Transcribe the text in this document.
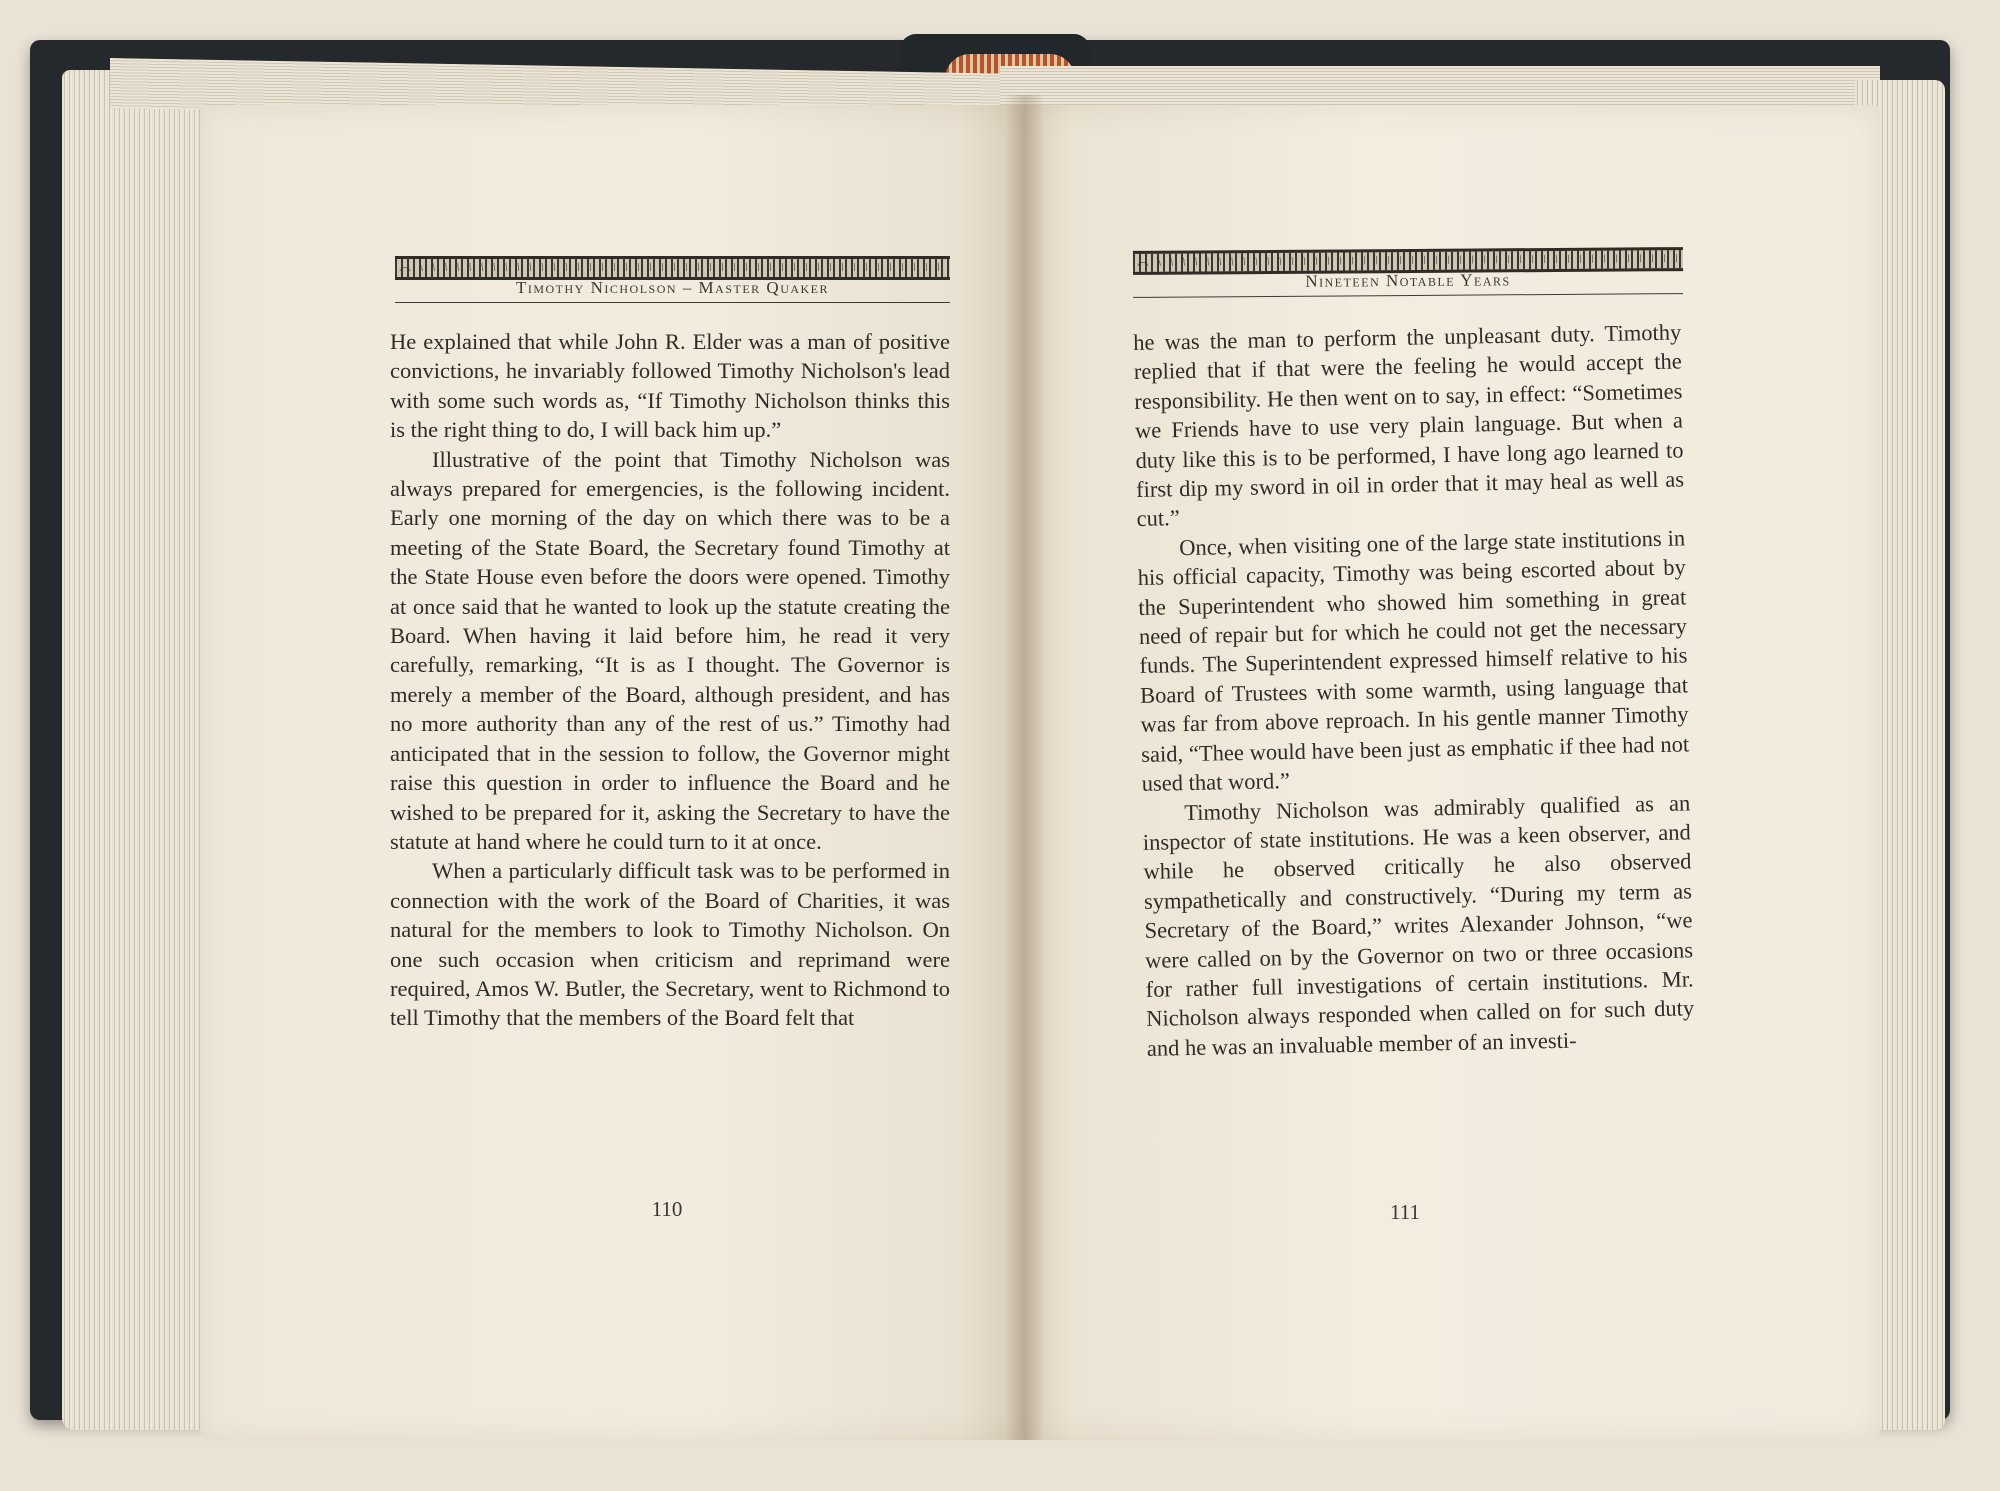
Timothy Nicholson – Master Quaker

He explained that while John R. Elder was a man of positive convictions, he invariably followed Timothy Nicholson's lead with some such words as, “If Timothy Nicholson thinks this is the right thing to do, I will back him up.”

Illustrative of the point that Timothy Nicholson was always prepared for emergencies, is the following incident. Early one morning of the day on which there was to be a meeting of the State Board, the Secretary found Timothy at the State House even before the doors were opened. Timothy at once said that he wanted to look up the statute creating the Board. When having it laid before him, he read it very carefully, remarking, “It is as I thought. The Governor is merely a member of the Board, although president, and has no more authority than any of the rest of us.” Timothy had anticipated that in the session to follow, the Governor might raise this question in order to influence the Board and he wished to be prepared for it, asking the Secretary to have the statute at hand where he could turn to it at once.

When a particularly difficult task was to be performed in connection with the work of the Board of Charities, it was natural for the members to look to Timothy Nicholson. On one such occasion when criticism and reprimand were required, Amos W. Butler, the Secretary, went to Richmond to tell Timothy that the members of the Board felt that

110
Nineteen Notable Years

he was the man to perform the unpleasant duty. Timothy replied that if that were the feeling he would accept the responsibility. He then went on to say, in effect: “Sometimes we Friends have to use very plain language. But when a duty like this is to be performed, I have long ago learned to first dip my sword in oil in order that it may heal as well as cut.”

Once, when visiting one of the large state institutions in his official capacity, Timothy was being escorted about by the Superintendent who showed him something in great need of repair but for which he could not get the necessary funds. The Superintendent expressed himself relative to his Board of Trustees with some warmth, using language that was far from above reproach. In his gentle manner Timothy said, “Thee would have been just as emphatic if thee had not used that word.”

Timothy Nicholson was admirably qualified as an inspector of state institutions. He was a keen observer, and while he observed critically he also observed sympathetically and constructively. “During my term as Secretary of the Board,” writes Alexander Johnson, “we were called on by the Governor on two or three occasions for rather full investigations of certain institutions. Mr. Nicholson always responded when called on for such duty and he was an invaluable member of an investi-

111
